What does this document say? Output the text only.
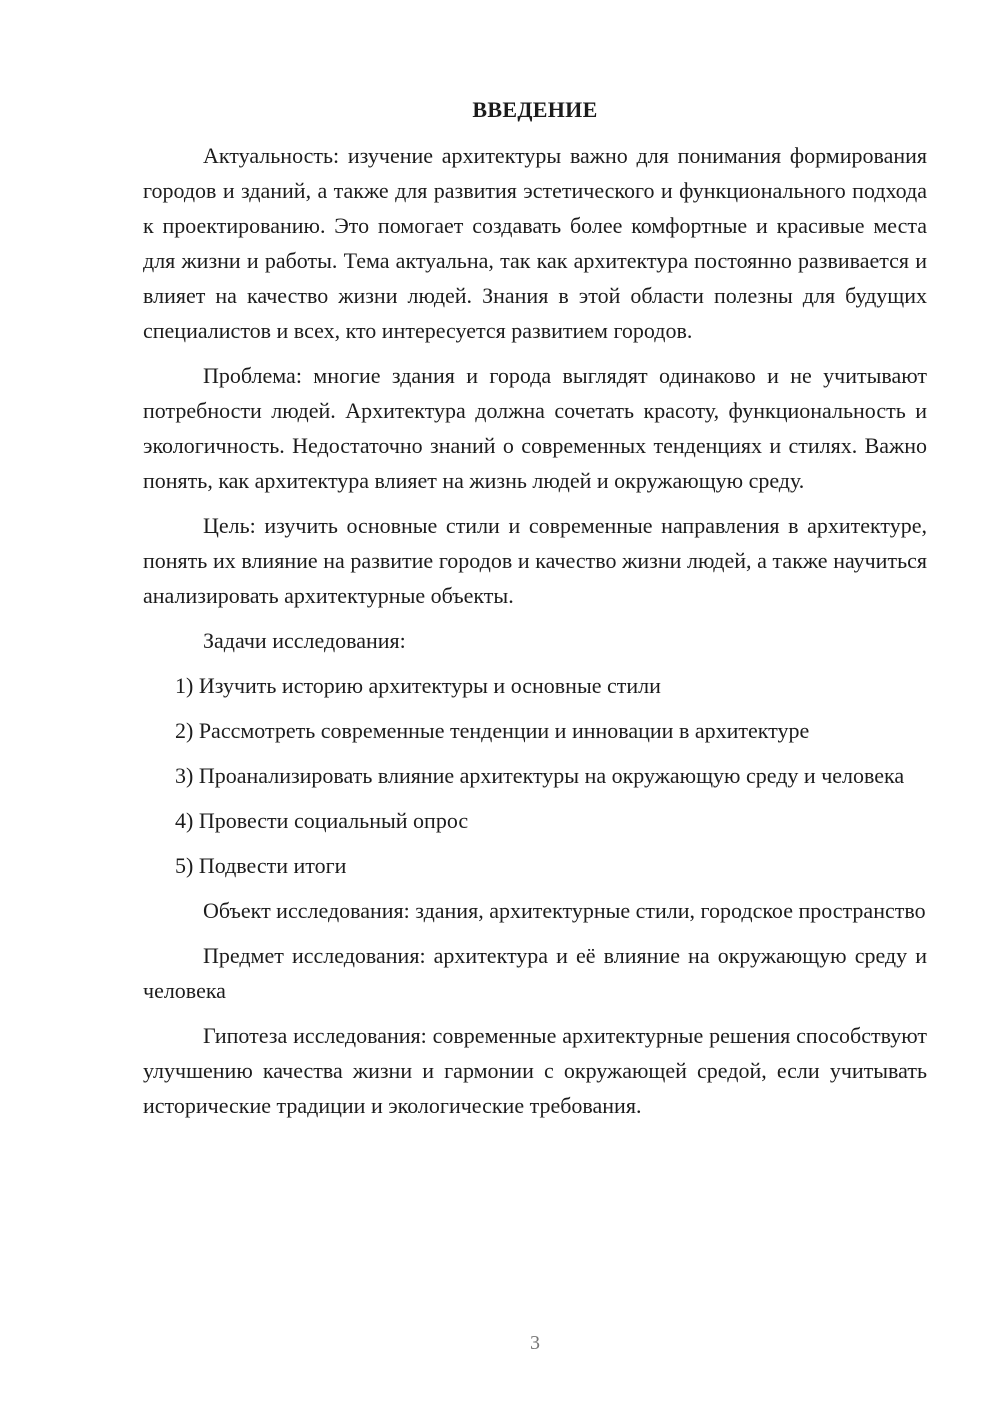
ВВЕДЕНИЕ

Актуальность: изучение архитектуры важно для понимания формирования городов и зданий, а также для развития эстетического и функционального подхода к проектированию. Это помогает создавать более комфортные и красивые места для жизни и работы. Тема актуальна, так как архитектура постоянно развивается и влияет на качество жизни людей. Знания в этой области полезны для будущих специалистов и всех, кто интересуется развитием городов.

Проблема: многие здания и города выглядят одинаково и не учитывают потребности людей. Архитектура должна сочетать красоту, функциональность и экологичность. Недостаточно знаний о современных тенденциях и стилях. Важно понять, как архитектура влияет на жизнь людей и окружающую среду.

Цель: изучить основные стили и современные направления в архитектуре, понять их влияние на развитие городов и качество жизни людей, а также научиться анализировать архитектурные объекты.

Задачи исследования:

1) Изучить историю архитектуры и основные стили

2) Рассмотреть современные тенденции и инновации в архитектуре

3) Проанализировать влияние архитектуры на окружающую среду и человека

4) Провести социальный опрос

5) Подвести итоги

Объект исследования: здания, архитектурные стили, городское пространство

Предмет исследования: архитектура и её влияние на окружающую среду и человека

Гипотеза исследования: современные архитектурные решения способствуют улучшению качества жизни и гармонии с окружающей средой, если учитывать исторические традиции и экологические требования.

3
